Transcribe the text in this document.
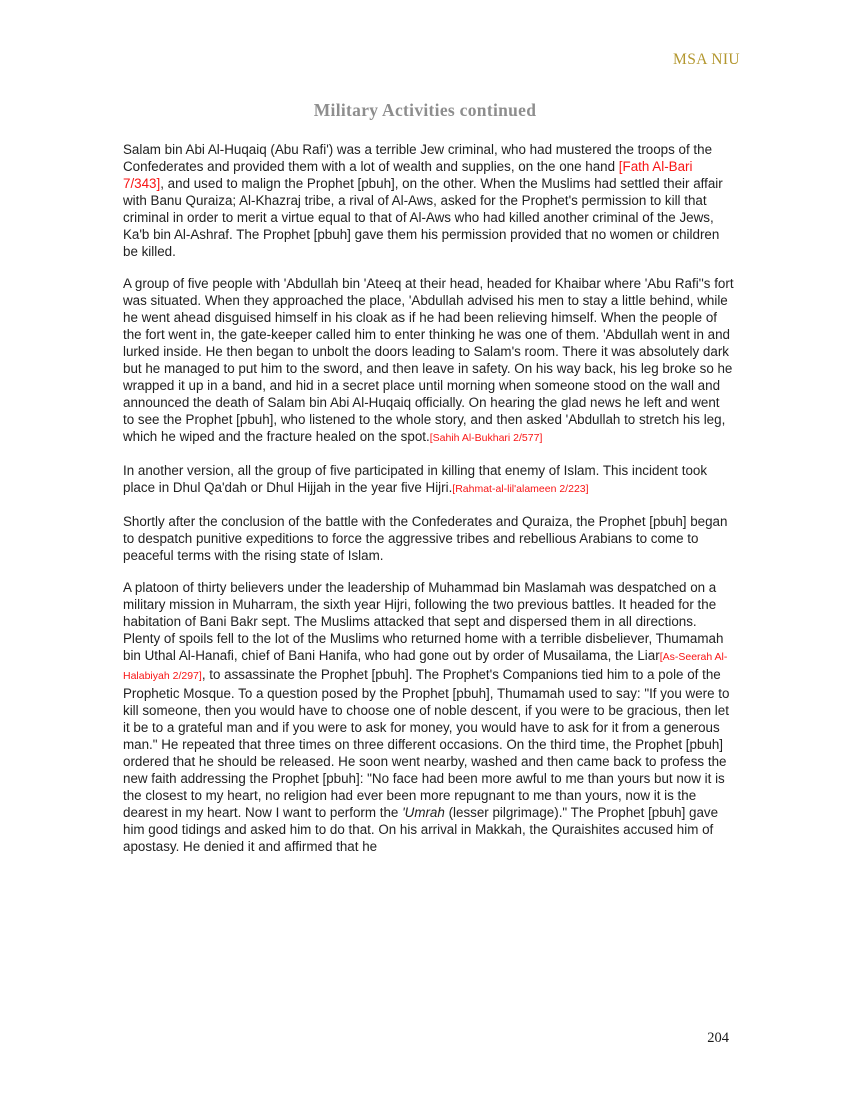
MSA NIU
Military Activities continued

Salam bin Abi Al-Huqaiq (Abu Rafi') was a terrible Jew criminal, who had mustered the troops of the Confederates and provided them with a lot of wealth and supplies, on the one hand [Fath Al-Bari 7/343], and used to malign the Prophet [pbuh], on the other. When the Muslims had settled their affair with Banu Quraiza; Al-Khazraj tribe, a rival of Al-Aws, asked for the Prophet's permission to kill that criminal in order to merit a virtue equal to that of Al-Aws who had killed another criminal of the Jews, Ka'b bin Al-Ashraf. The Prophet [pbuh] gave them his permission provided that no women or children be killed.

A group of five people with 'Abdullah bin 'Ateeq at their head, headed for Khaibar where 'Abu Rafi''s fort was situated. When they approached the place, 'Abdullah advised his men to stay a little behind, while he went ahead disguised himself in his cloak as if he had been relieving himself. When the people of the fort went in, the gate-keeper called him to enter thinking he was one of them. 'Abdullah went in and lurked inside. He then began to unbolt the doors leading to Salam's room. There it was absolutely dark but he managed to put him to the sword, and then leave in safety. On his way back, his leg broke so he wrapped it up in a band, and hid in a secret place until morning when someone stood on the wall and announced the death of Salam bin Abi Al-Huqaiq officially. On hearing the glad news he left and went to see the Prophet [pbuh], who listened to the whole story, and then asked 'Abdullah to stretch his leg, which he wiped and the fracture healed on the spot.[Sahih Al-Bukhari 2/577]

In another version, all the group of five participated in killing that enemy of Islam. This incident took place in Dhul Qa'dah or Dhul Hijjah in the year five Hijri.[Rahmat-al-lil'alameen 2/223]

Shortly after the conclusion of the battle with the Confederates and Quraiza, the Prophet [pbuh] began to despatch punitive expeditions to force the aggressive tribes and rebellious Arabians to come to peaceful terms with the rising state of Islam.

A platoon of thirty believers under the leadership of Muhammad bin Maslamah was despatched on a military mission in Muharram, the sixth year Hijri, following the two previous battles. It headed for the habitation of Bani Bakr sept. The Muslims attacked that sept and dispersed them in all directions. Plenty of spoils fell to the lot of the Muslims who returned home with a terrible disbeliever, Thumamah bin Uthal Al-Hanafi, chief of Bani Hanifa, who had gone out by order of Musailama, the Liar[As-Seerah Al-Halabiyah 2/297], to assassinate the Prophet [pbuh]. The Prophet's Companions tied him to a pole of the Prophetic Mosque. To a question posed by the Prophet [pbuh], Thumamah used to say: "If you were to kill someone, then you would have to choose one of noble descent, if you were to be gracious, then let it be to a grateful man and if you were to ask for money, you would have to ask for it from a generous man." He repeated that three times on three different occasions. On the third time, the Prophet [pbuh] ordered that he should be released. He soon went nearby, washed and then came back to profess the new faith addressing the Prophet [pbuh]: "No face had been more awful to me than yours but now it is the closest to my heart, no religion had ever been more repugnant to me than yours, now it is the dearest in my heart. Now I want to perform the 'Umrah (lesser pilgrimage)." The Prophet [pbuh] gave him good tidings and asked him to do that. On his arrival in Makkah, the Quraishites accused him of apostasy. He denied it and affirmed that he

204
